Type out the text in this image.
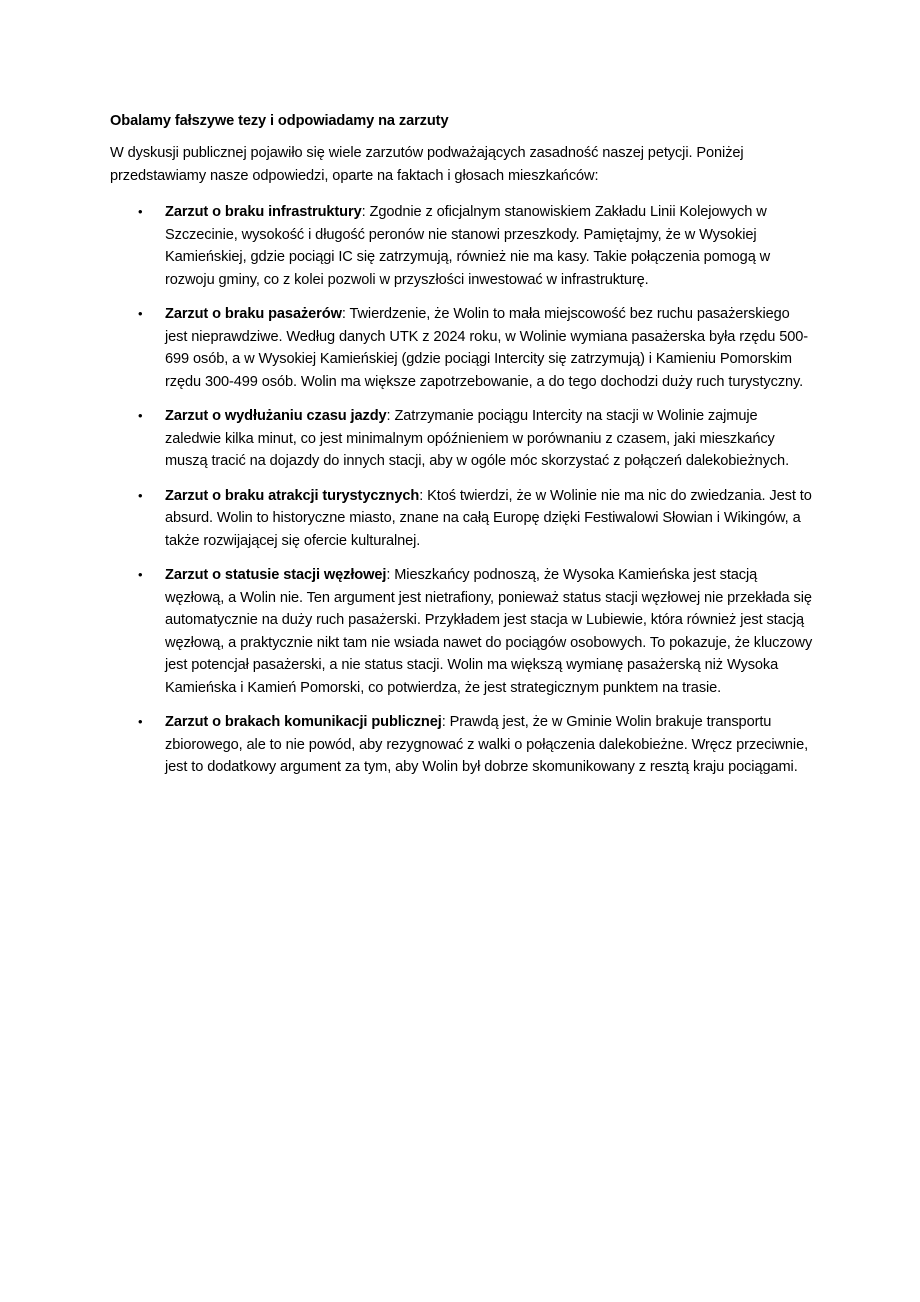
Obalamy fałszywe tezy i odpowiadamy na zarzuty

W dyskusji publicznej pojawiło się wiele zarzutów podważających zasadność naszej petycji. Poniżej przedstawiamy nasze odpowiedzi, oparte na faktach i głosach mieszkańców:

• Zarzut o braku infrastruktury: Zgodnie z oficjalnym stanowiskiem Zakładu Linii Kolejowych w Szczecinie, wysokość i długość peronów nie stanowi przeszkody. Pamiętajmy, że w Wysokiej Kamieńskiej, gdzie pociągi IC się zatrzymują, również nie ma kasy. Takie połączenia pomogą w rozwoju gminy, co z kolei pozwoli w przyszłości inwestować w infrastrukturę.
• Zarzut o braku pasażerów: Twierdzenie, że Wolin to mała miejscowość bez ruchu pasażerskiego jest nieprawdziwe. Według danych UTK z 2024 roku, w Wolinie wymiana pasażerska była rzędu 500-699 osób, a w Wysokiej Kamieńskiej (gdzie pociągi Intercity się zatrzymują) i Kamieniu Pomorskim rzędu 300-499 osób. Wolin ma większe zapotrzebowanie, a do tego dochodzi duży ruch turystyczny.
• Zarzut o wydłużaniu czasu jazdy: Zatrzymanie pociągu Intercity na stacji w Wolinie zajmuje zaledwie kilka minut, co jest minimalnym opóźnieniem w porównaniu z czasem, jaki mieszkańcy muszą tracić na dojazdy do innych stacji, aby w ogóle móc skorzystać z połączeń dalekobieżnych.
• Zarzut o braku atrakcji turystycznych: Ktoś twierdzi, że w Wolinie nie ma nic do zwiedzania. Jest to absurd. Wolin to historyczne miasto, znane na całą Europę dzięki Festiwalowi Słowian i Wikingów, a także rozwijającej się ofercie kulturalnej.
• Zarzut o statusie stacji węzłowej: Mieszkańcy podnoszą, że Wysoka Kamieńska jest stacją węzłową, a Wolin nie. Ten argument jest nietrafiony, ponieważ status stacji węzłowej nie przekłada się automatycznie na duży ruch pasażerski. Przykładem jest stacja w Lubiewie, która również jest stacją węzłową, a praktycznie nikt tam nie wsiada nawet do pociągów osobowych. To pokazuje, że kluczowy jest potencjał pasażerski, a nie status stacji. Wolin ma większą wymianę pasażerską niż Wysoka Kamieńska i Kamień Pomorski, co potwierdza, że jest strategicznym punktem na trasie.
• Zarzut o brakach komunikacji publicznej: Prawdą jest, że w Gminie Wolin brakuje transportu zbiorowego, ale to nie powód, aby rezygnować z walki o połączenia dalekobieżne. Wręcz przeciwnie, jest to dodatkowy argument za tym, aby Wolin był dobrze skomunikowany z resztą kraju pociągami.
